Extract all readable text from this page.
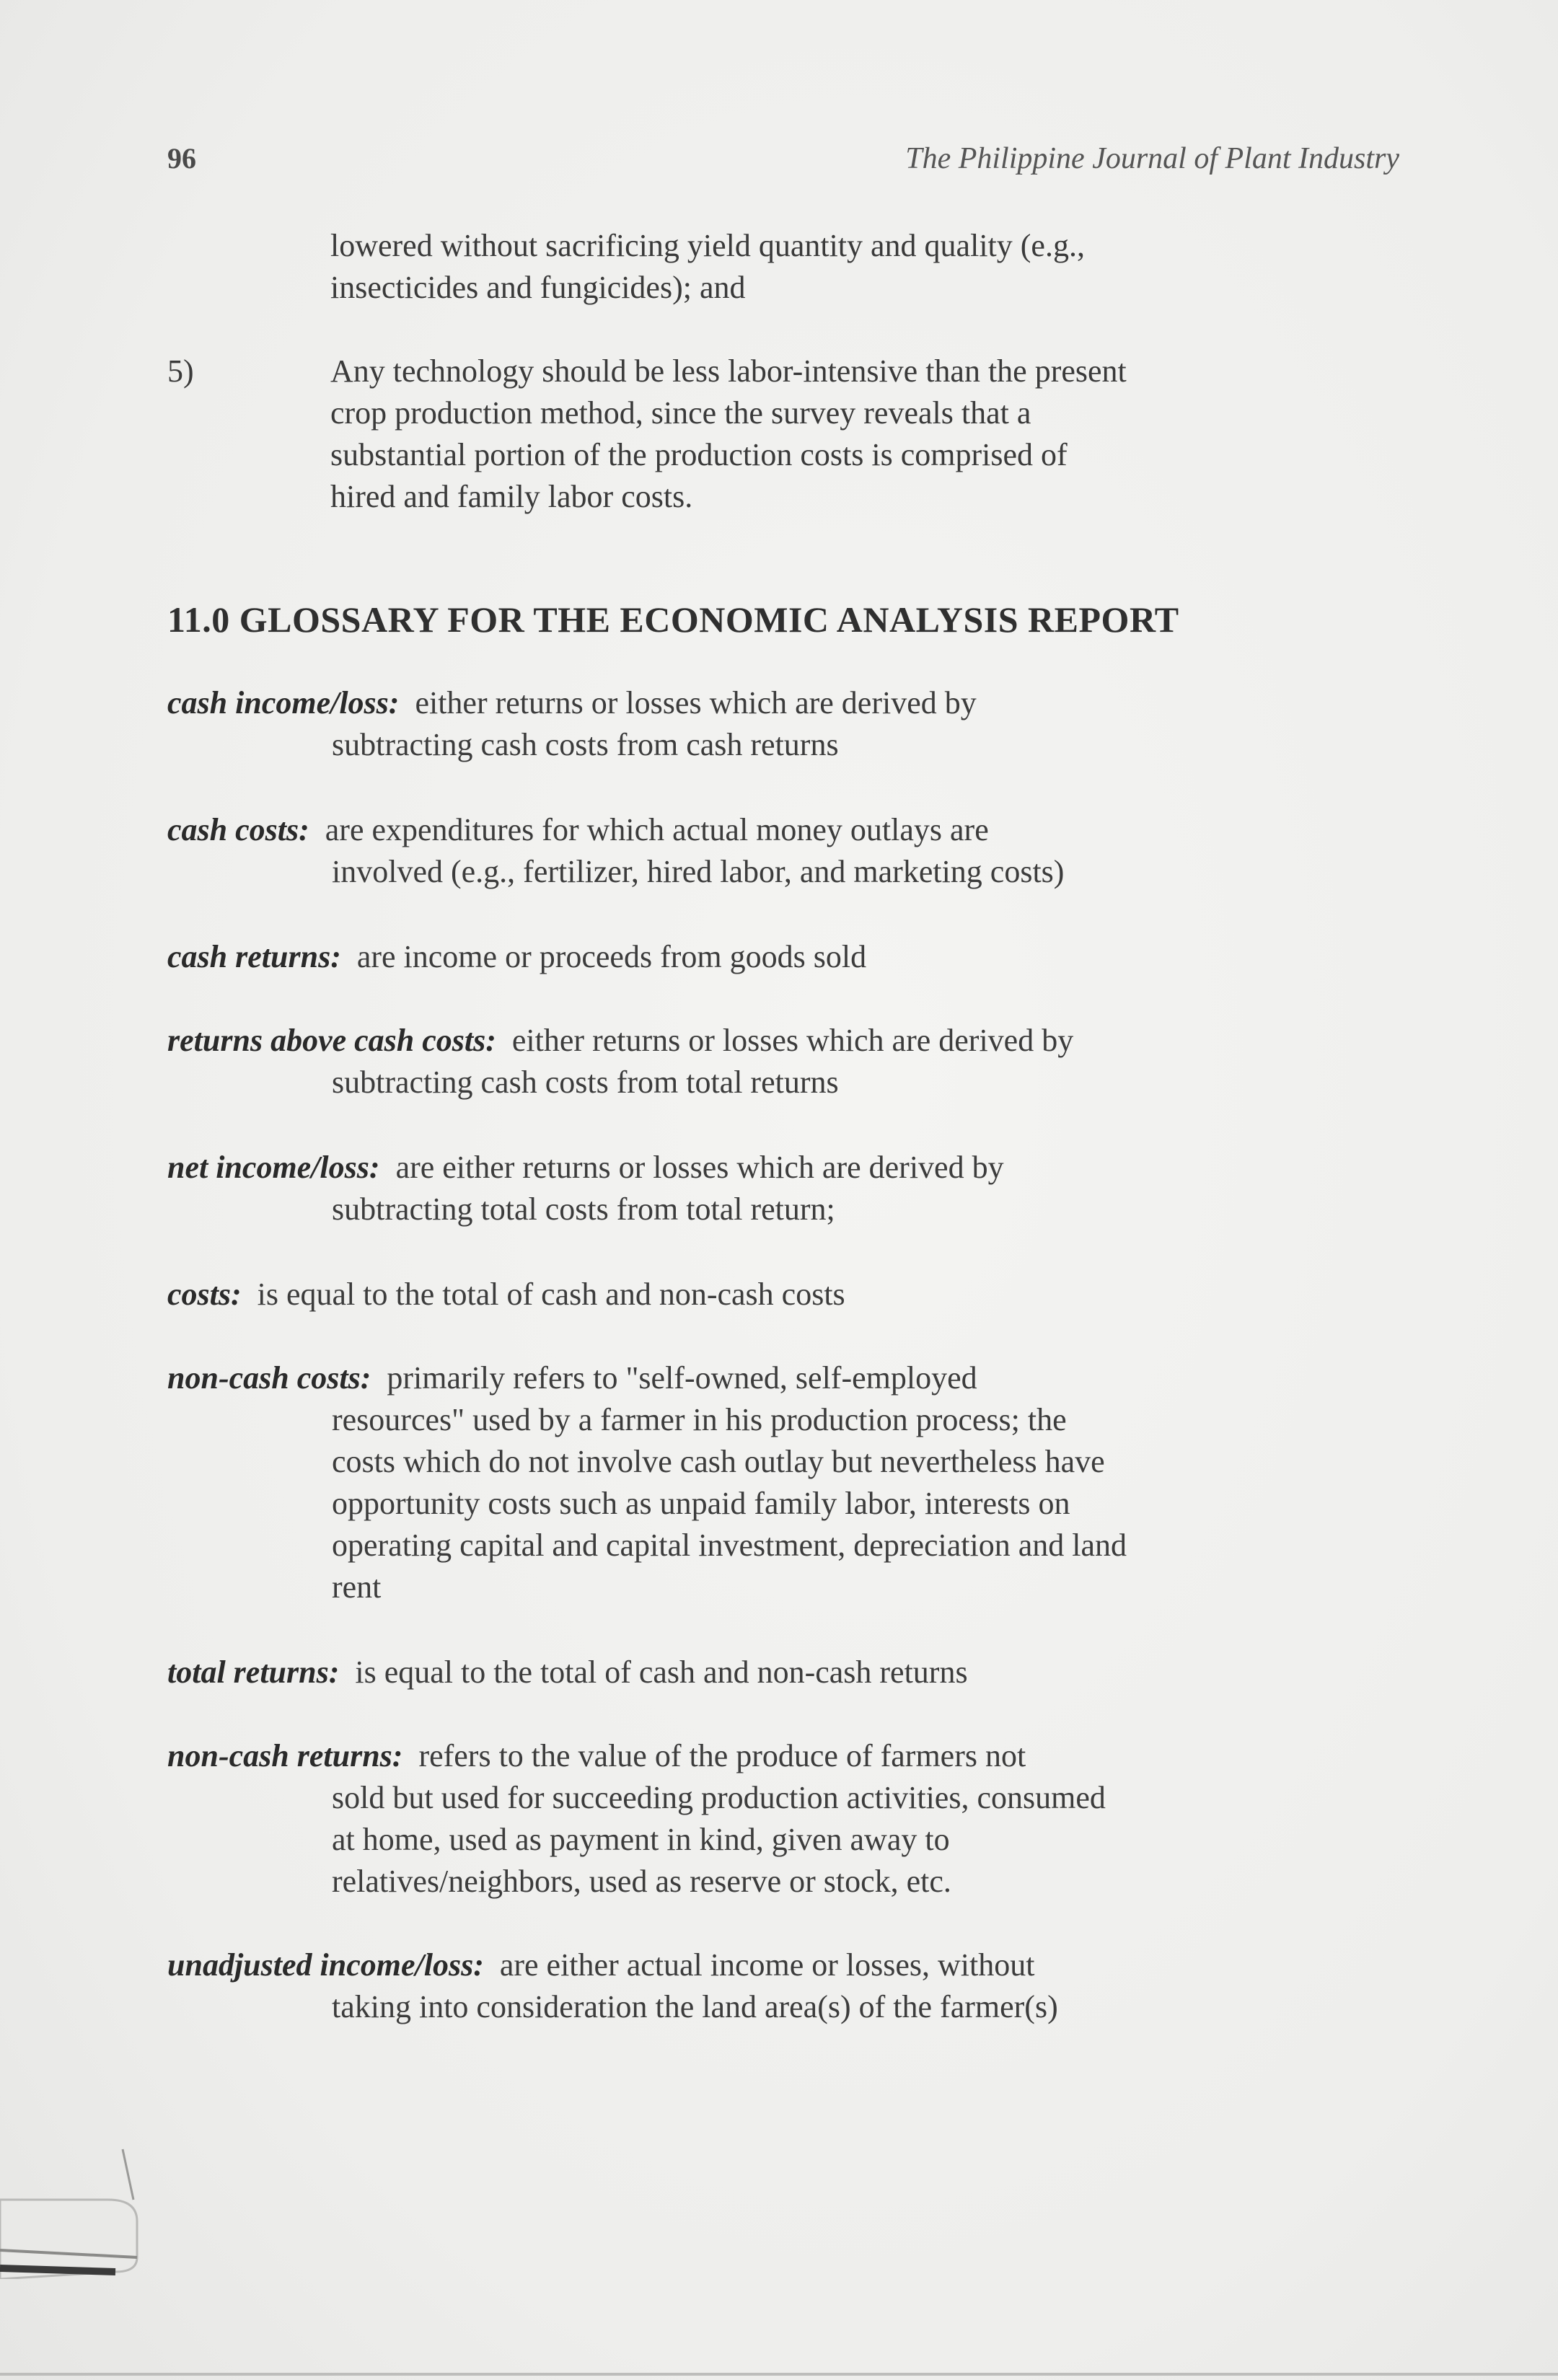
96	The Philippine Journal of Plant Industry
lowered without sacrificing yield quantity and quality (e.g.,
insecticides and fungicides); and
5)	Any technology should be less labor-intensive than the present
crop production method, since the survey reveals that a
substantial portion of the production costs is comprised of
hired and family labor costs.
11.0 GLOSSARY FOR THE ECONOMIC ANALYSIS REPORT
cash income/loss: either returns or losses which are derived by
subtracting cash costs from cash returns
cash costs: are expenditures for which actual money outlays are
involved (e.g., fertilizer, hired labor, and marketing costs)
cash returns: are income or proceeds from goods sold
returns above cash costs: either returns or losses which are derived by
subtracting cash costs from total returns
net income/loss: are either returns or losses which are derived by
subtracting total costs from total return;
costs: is equal to the total of cash and non-cash costs
non-cash costs: primarily refers to "self-owned, self-employed
resources" used by a farmer in his production process; the
costs which do not involve cash outlay but nevertheless have
opportunity costs such as unpaid family labor, interests on
operating capital and capital investment, depreciation and land
rent
total returns: is equal to the total of cash and non-cash returns
non-cash returns: refers to the value of the produce of farmers not
sold but used for succeeding production activities, consumed
at home, used as payment in kind, given away to
relatives/neighbors, used as reserve or stock, etc.
unadjusted income/loss: are either actual income or losses, without
taking into consideration the land area(s) of the farmer(s)
